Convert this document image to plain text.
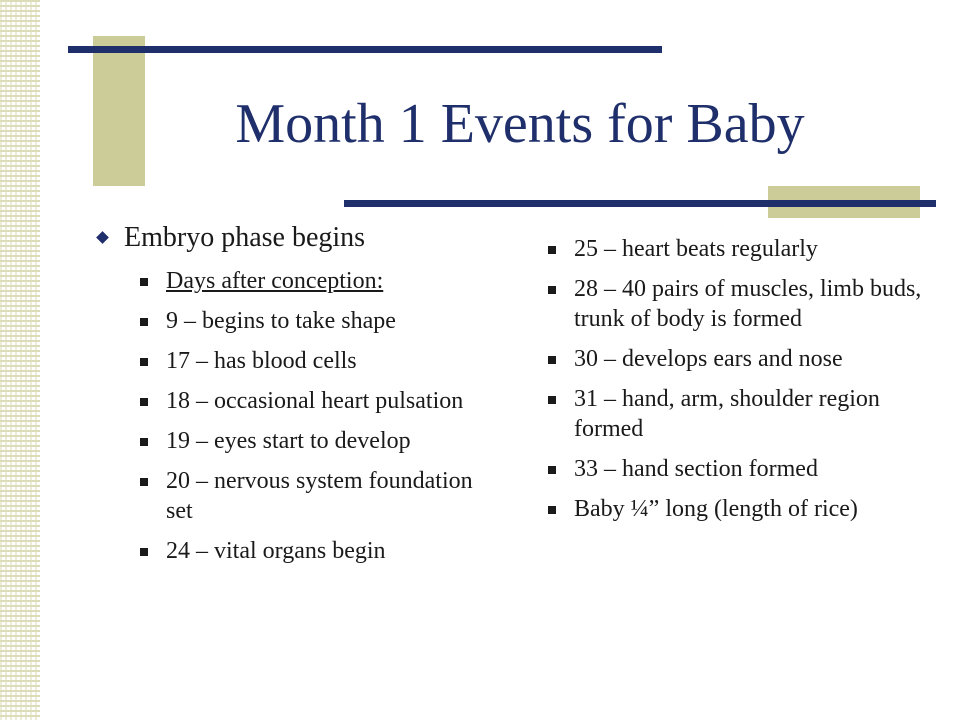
Month 1 Events for Baby
Embryo phase begins
Days after conception:
9 – begins to take shape
17 – has blood cells
18 – occasional heart pulsation
19 – eyes start to develop
20 – nervous system foundation set
24 – vital organs begin
25 – heart beats regularly
28 – 40 pairs of muscles, limb buds, trunk of body is formed
30 – develops ears and nose
31 – hand, arm, shoulder region formed
33 – hand section formed
Baby ¼” long (length of rice)
